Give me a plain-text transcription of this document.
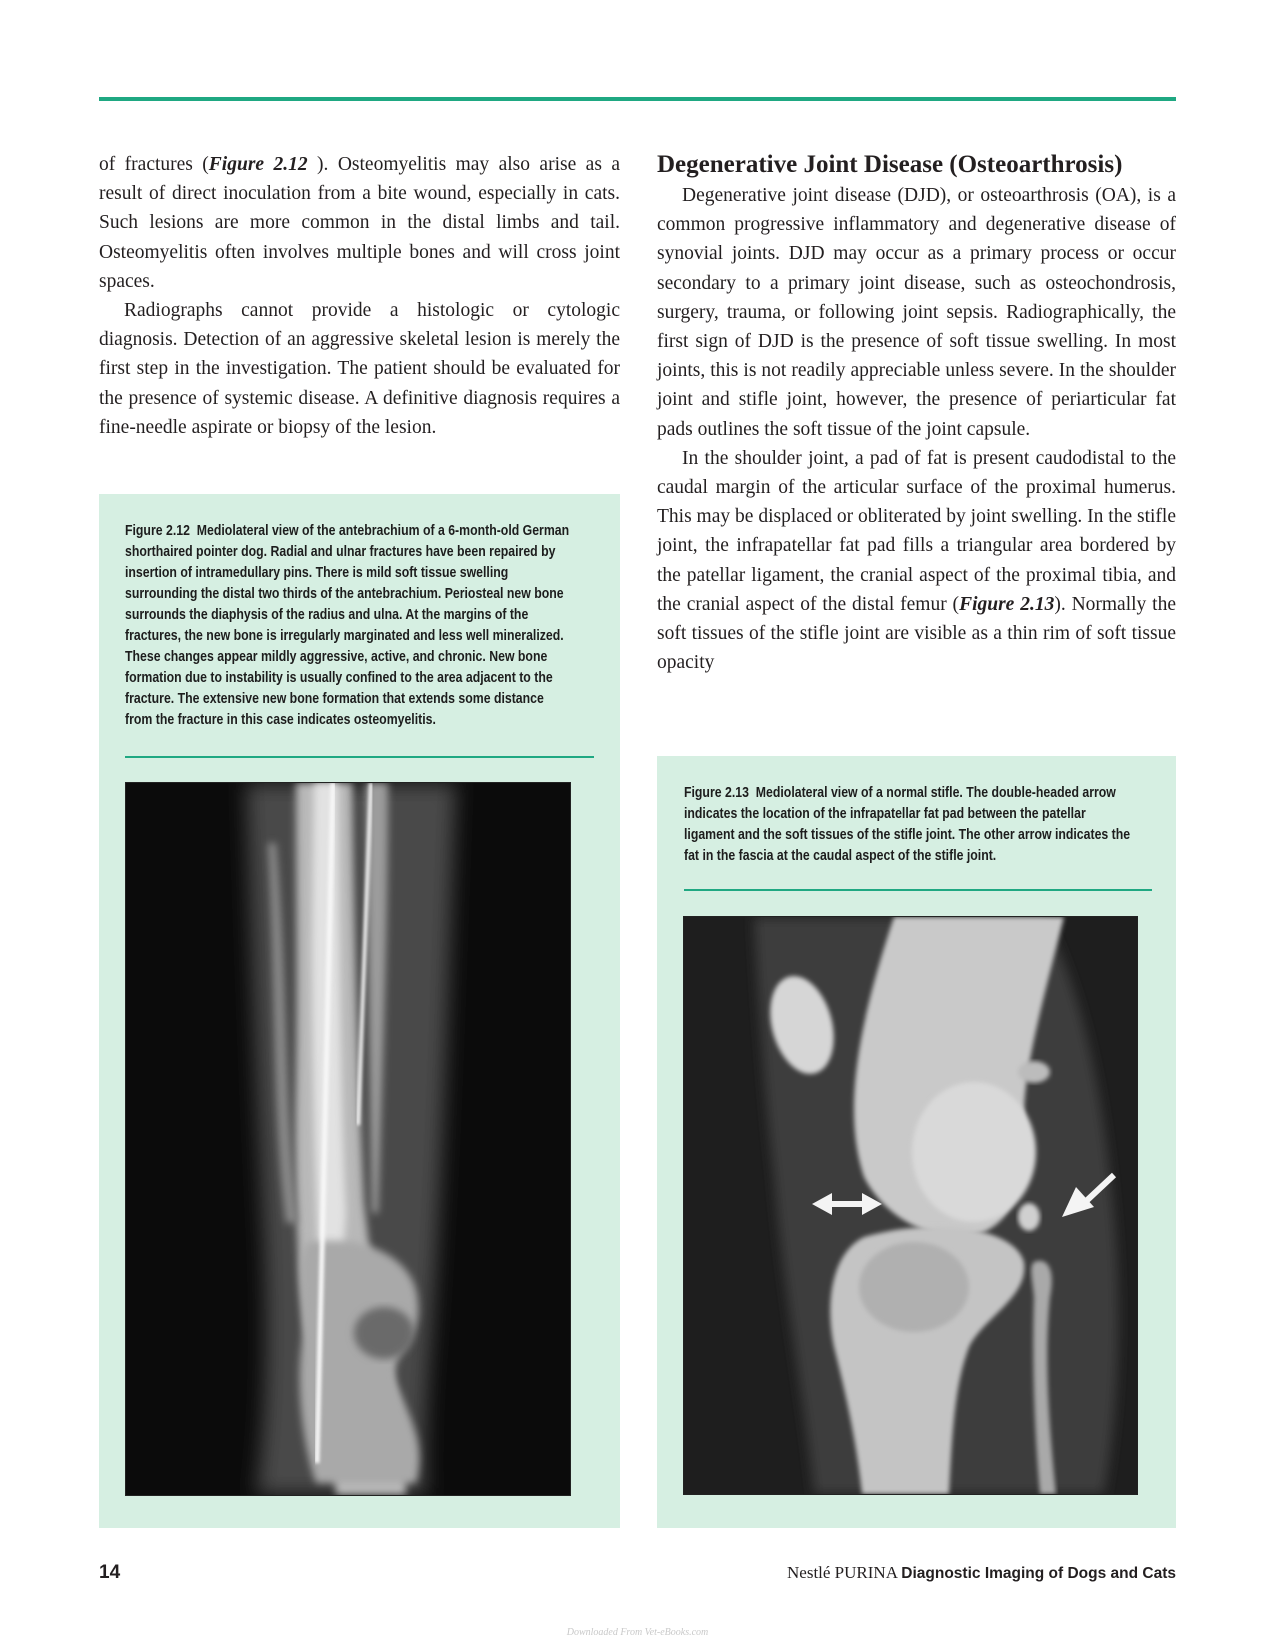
of fractures (Figure 2.12 ). Osteomyelitis may also arise as a result of direct inoculation from a bite wound, especially in cats. Such lesions are more common in the distal limbs and tail. Osteomyelitis often involves multiple bones and will cross joint spaces.

Radiographs cannot provide a histologic or cytologic diagnosis. Detection of an aggressive skeletal lesion is merely the first step in the investigation. The patient should be evaluated for the presence of systemic disease. A definitive diagnosis requires a fine-needle aspirate or biopsy of the lesion.

Degenerative Joint Disease (Osteoarthrosis)

Degenerative joint disease (DJD), or osteoarthrosis (OA), is a common progressive inflammatory and degenerative disease of synovial joints. DJD may occur as a primary process or occur secondary to a primary joint disease, such as osteochondrosis, surgery, trauma, or following joint sepsis. Radiographically, the first sign of DJD is the presence of soft tissue swelling. In most joints, this is not readily appreciable unless severe. In the shoulder joint and stifle joint, however, the presence of periarticular fat pads outlines the soft tissue of the joint capsule.

In the shoulder joint, a pad of fat is present caudodistal to the caudal margin of the articular surface of the proximal humerus. This may be displaced or obliterated by joint swelling. In the stifle joint, the infrapatellar fat pad fills a triangular area bordered by the patellar ligament, the cranial aspect of the proximal tibia, and the cranial aspect of the distal femur (Figure 2.13). Normally the soft tissues of the stifle joint are visible as a thin rim of soft tissue opacity

Figure 2.12 Mediolateral view of the antebrachium of a 6-month-old German shorthaired pointer dog. Radial and ulnar fractures have been repaired by insertion of intramedullary pins. There is mild soft tissue swelling surrounding the distal two thirds of the antebrachium. Periosteal new bone surrounds the diaphysis of the radius and ulna. At the margins of the fractures, the new bone is irregularly marginated and less well mineralized. These changes appear mildly aggressive, active, and chronic. New bone formation due to instability is usually confined to the area adjacent to the fracture. The extensive new bone formation that extends some distance from the fracture in this case indicates osteomyelitis.
Figure 2.13 Mediolateral view of a normal stifle. The double-headed arrow indicates the location of the infrapatellar fat pad between the patellar ligament and the soft tissues of the stifle joint. The other arrow indicates the fat in the fascia at the caudal aspect of the stifle joint.
14	Nestlé PURINA Diagnostic Imaging of Dogs and Cats
Downloaded From Vet-eBooks.com
